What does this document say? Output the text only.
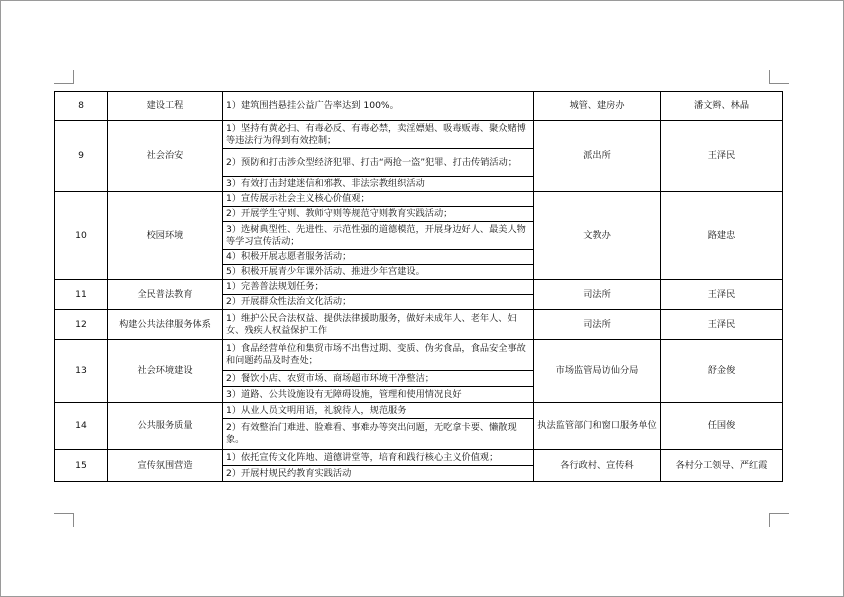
8	建设工程	1）建筑围挡悬挂公益广告率达到 100%。	城管、建房办	潘文辫、林晶
9	社会治安	1）坚持有黄必扫、有毒必反、有毒必禁，卖淫嫖娼、吸毒贩毒、聚众赌博等违法行为得到有效控制；	派出所	王泽民
		2）预防和打击涉众型经济犯罪、打击“两抢一盗”犯罪、打击传销活动；		
		3）有效打击封建迷信和邪教、非法宗教组织活动		
10	校园环境	1）宣传展示社会主义核心价值观；	文教办	路建忠
		2）开展学生守则、教师守则等规范守则教育实践活动；		
		3）选树典型性、先进性、示范性强的道德模范，开展身边好人、最美人物等学习宣传活动；		
		4）积极开展志愿者服务活动；		
		5）积极开展青少年课外活动、推进少年宫建设。		
11	全民普法教育	1）完善普法规划任务；	司法所	王泽民
		2）开展群众性法治文化活动；		
12	构建公共法律服务体系	1）维护公民合法权益、提供法律援助服务，做好未成年人、老年人、妇女、残疾人权益保护工作	司法所	王泽民
13	社会环境建设	1）食品经营单位和集贸市场不出售过期、变质、伪劣食品，食品安全事故和问题药品及时查处；	市场监管局访仙分局	舒金俊
		2）餐饮小店、农贸市场、商场超市环境干净整洁；		
		3）道路、公共设施设有无障碍设施，管理和使用情况良好		
14	公共服务质量	1）从业人员文明用语，礼貌待人，规范服务	执法监管部门和窗口服务单位	任国俊
		2）有效整治门难进、脸难看、事难办等突出问题，无吃拿卡要、懒散现象。		
15	宣传氛围营造	1）依托宣传文化阵地、道德讲堂等，培育和践行核心主义价值观；	各行政村、宣传科	各村分工领导、严红霞
		2）开展村规民约教育实践活动		
